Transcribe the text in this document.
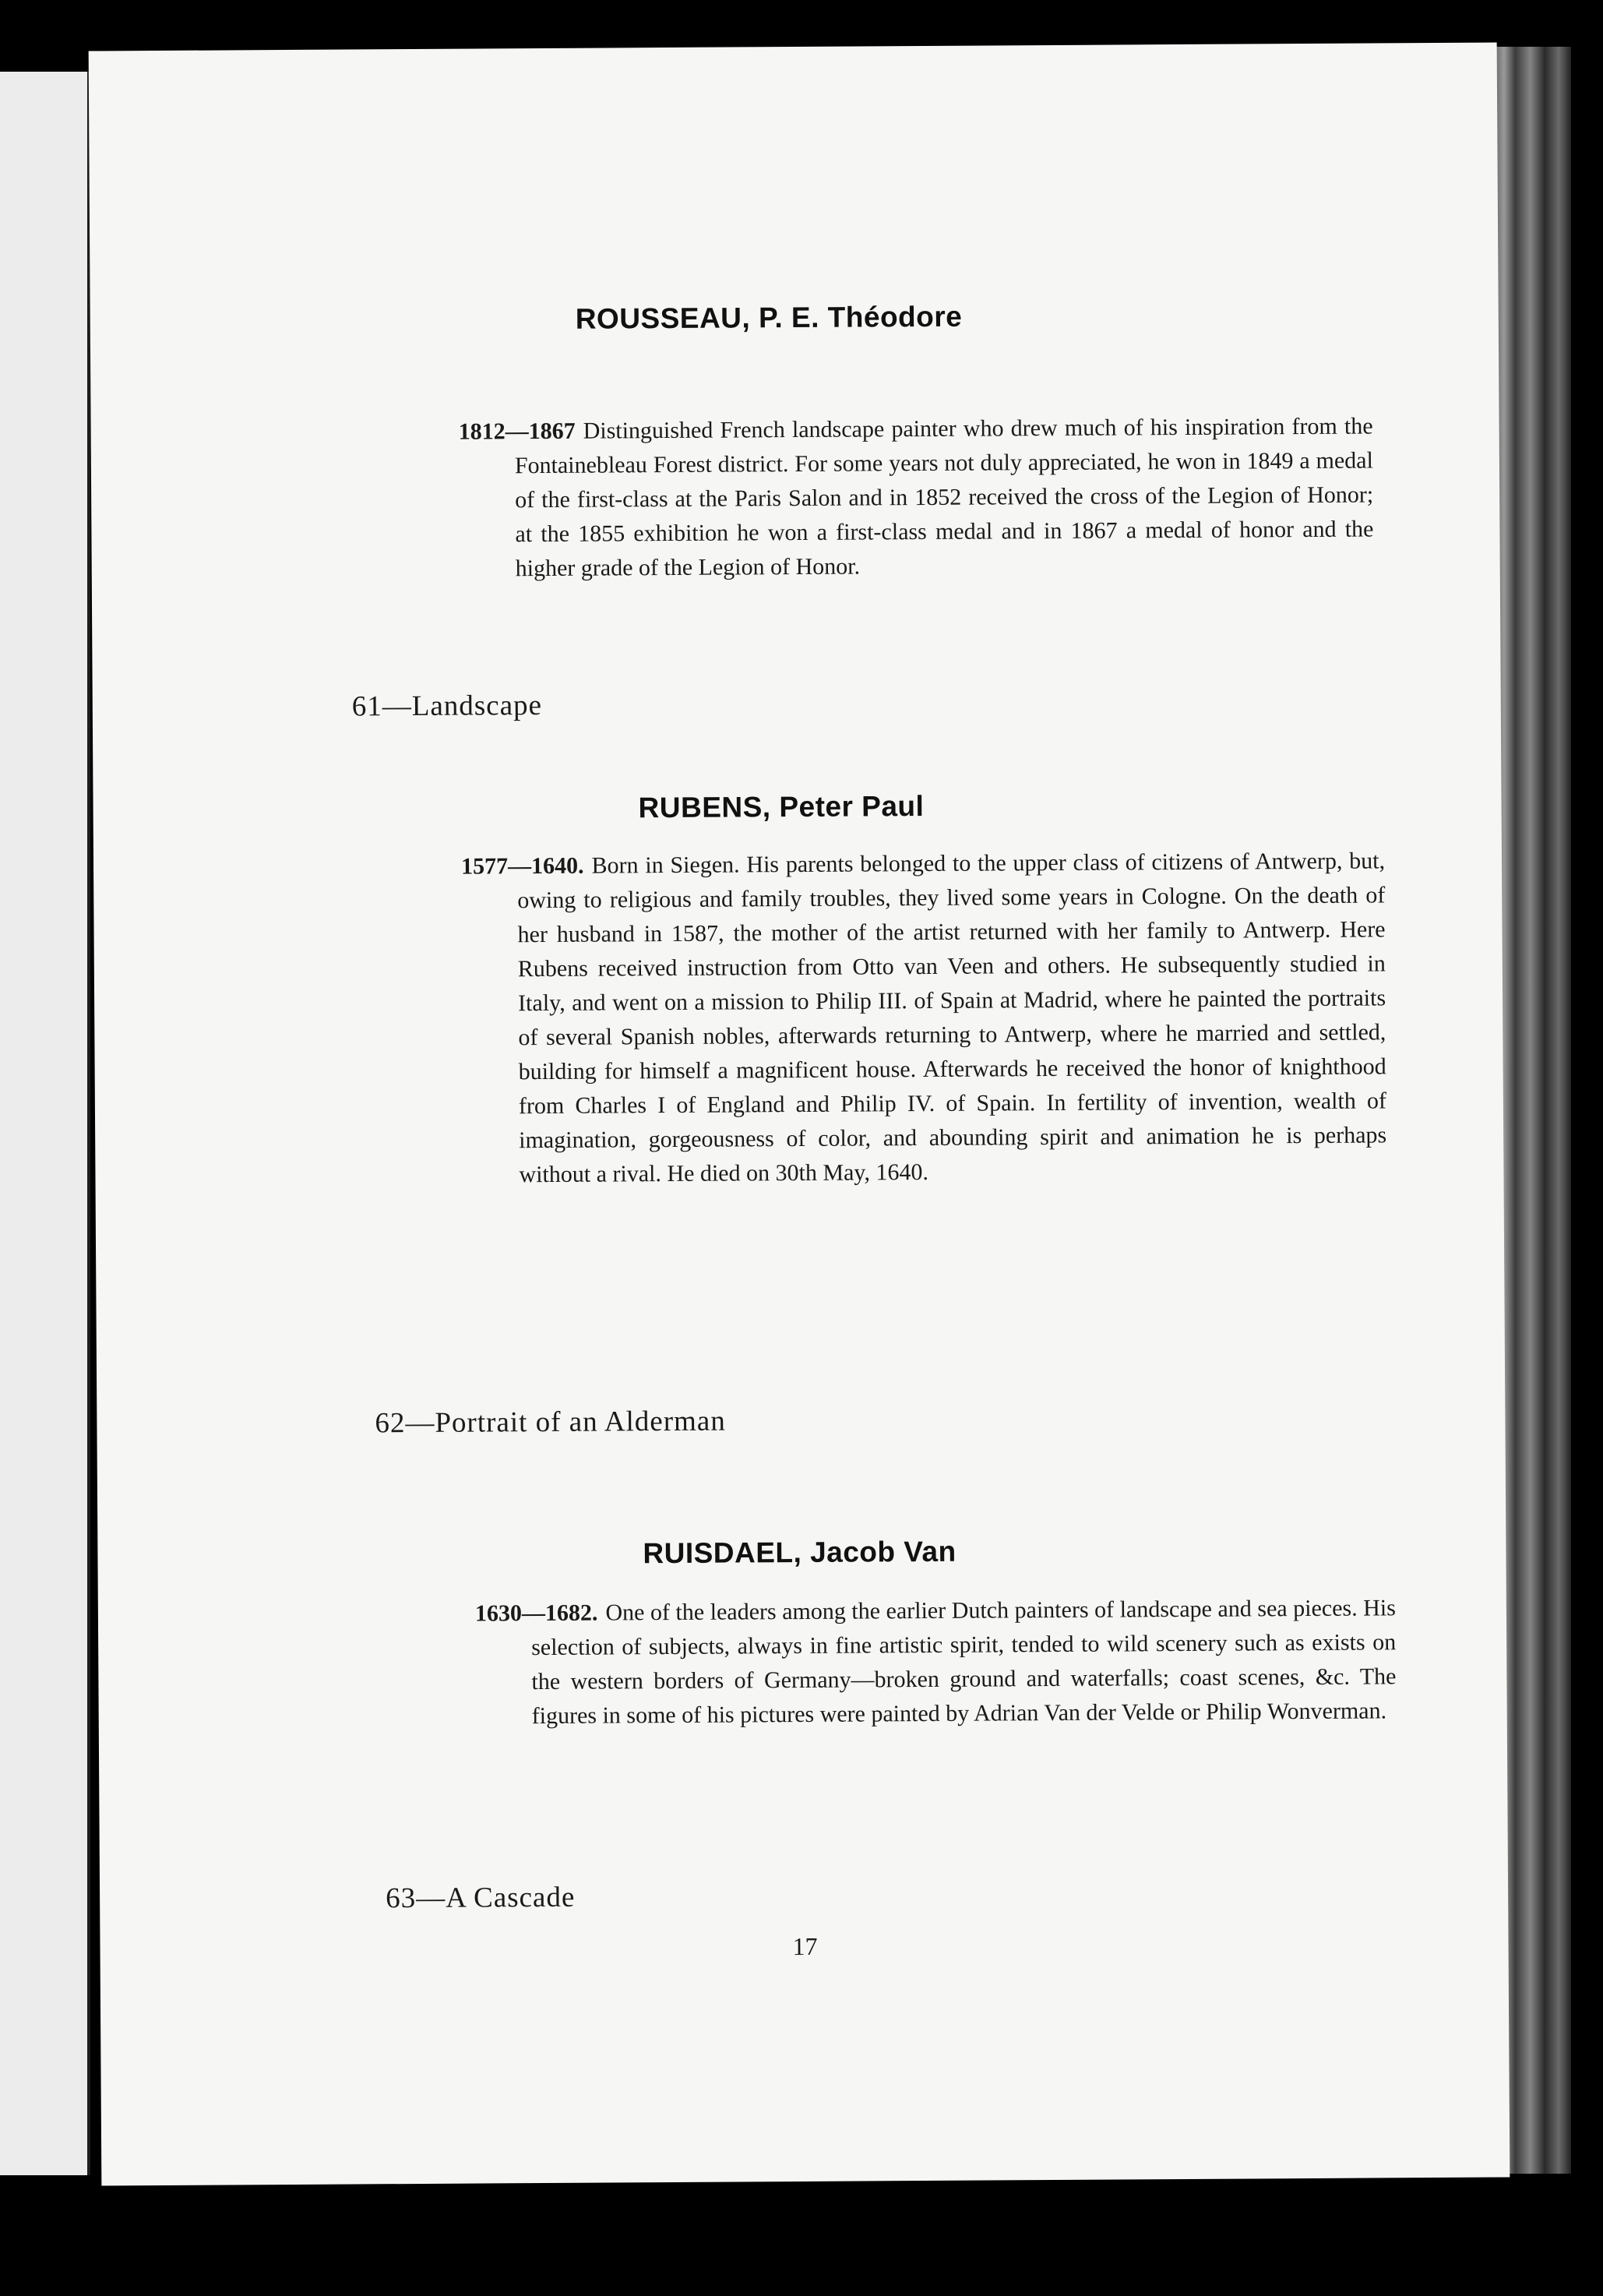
ROUSSEAU, P. E. Théodore

1812—1867 Distinguished French landscape painter who drew much of his inspiration from the Fontainebleau Forest district. For some years not duly appreciated, he won in 1849 a medal of the first-class at the Paris Salon and in 1852 received the cross of the Legion of Honor; at the 1855 exhibition he won a first-class medal and in 1867 a medal of honor and the higher grade of the Legion of Honor.

61—Landscape

RUBENS, Peter Paul

1577—1640. Born in Siegen. His parents belonged to the upper class of citizens of Antwerp, but, owing to religious and family troubles, they lived some years in Cologne. On the death of her husband in 1587, the mother of the artist returned with her family to Antwerp. Here Rubens received instruction from Otto van Veen and others. He subsequently studied in Italy, and went on a mission to Philip III. of Spain at Madrid, where he painted the portraits of several Spanish nobles, afterwards returning to Antwerp, where he married and settled, building for himself a magnificent house. Afterwards he received the honor of knighthood from Charles I of England and Philip IV. of Spain. In fertility of invention, wealth of imagination, gorgeousness of color, and abounding spirit and animation he is perhaps without a rival. He died on 30th May, 1640.

62—Portrait of an Alderman

RUISDAEL, Jacob Van

1630—1682. One of the leaders among the earlier Dutch painters of landscape and sea pieces. His selection of subjects, always in fine artistic spirit, tended to wild scenery such as exists on the western borders of Germany—broken ground and waterfalls; coast scenes, &c. The figures in some of his pictures were painted by Adrian Van der Velde or Philip Wonverman.

63—A Cascade

17
